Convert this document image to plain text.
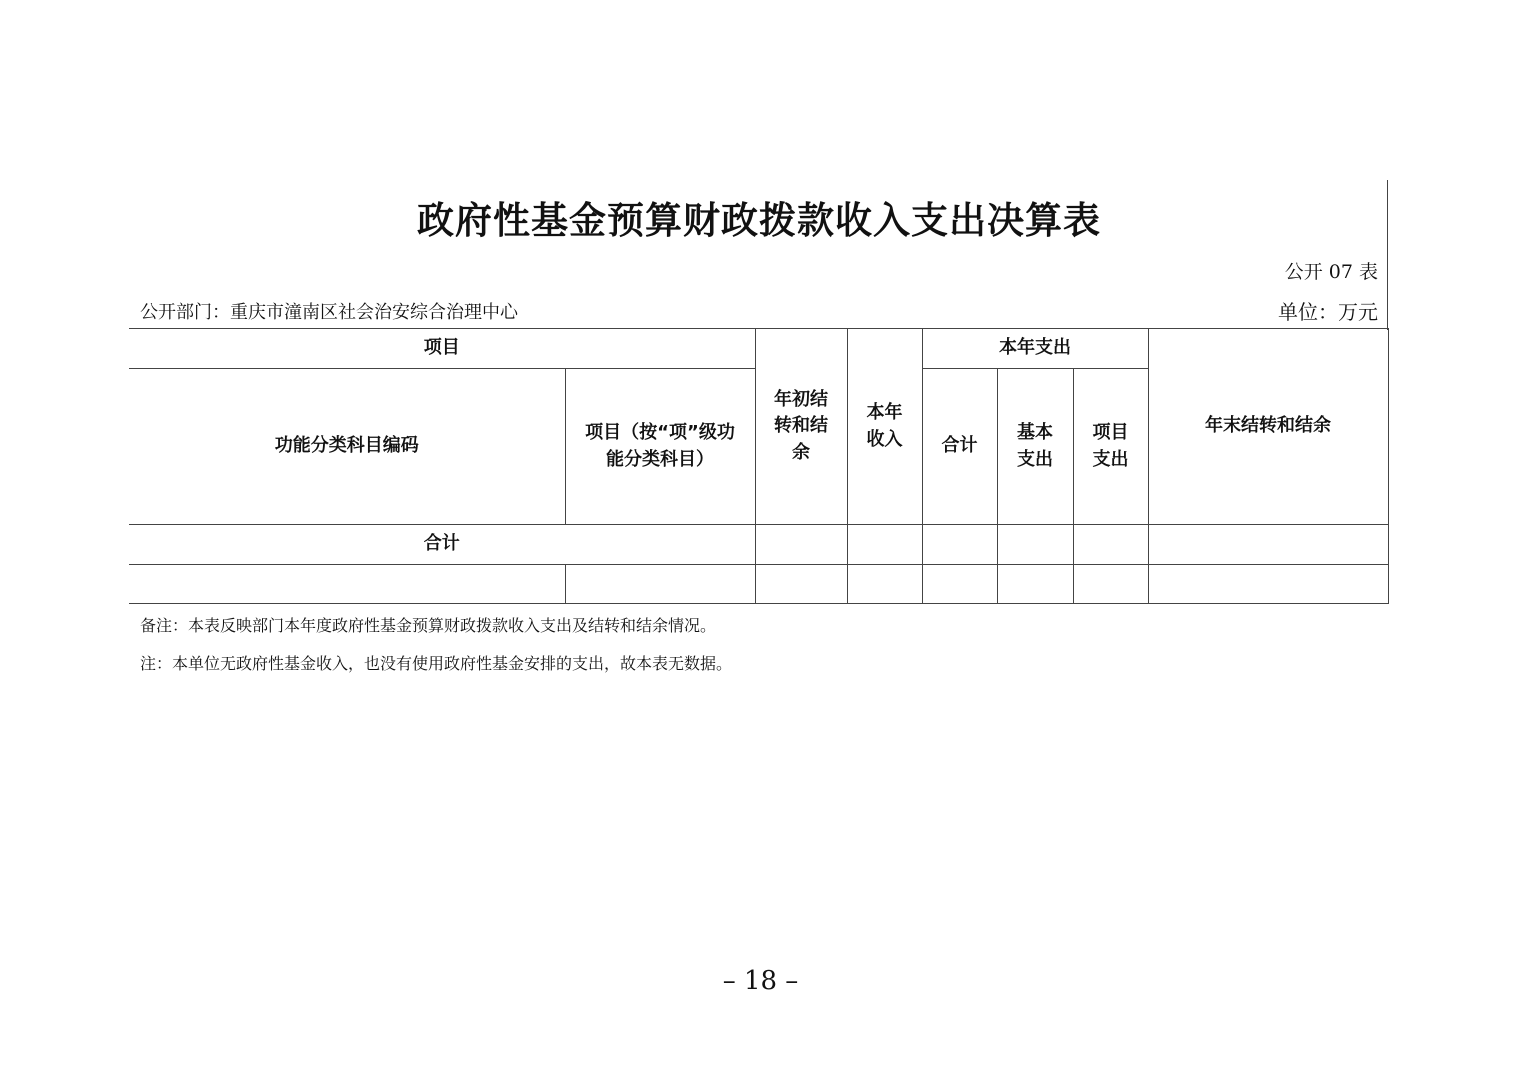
政府性基金预算财政拨款收入支出决算表
公开 07 表
公开部门：重庆市潼南区社会治安综合治理中心	单位：万元
项目		年初结转和结余	本年收入	本年支出			年末结转和结余
功能分类科目编码	项目（按“项”级功能分类科目）			合计	基本支出	项目支出	

合计							

备注：本表反映部门本年度政府性基金预算财政拨款收入支出及结转和结余情况。
注：本单位无政府性基金收入，也没有使用政府性基金安排的支出，故本表无数据。
– 18 –
